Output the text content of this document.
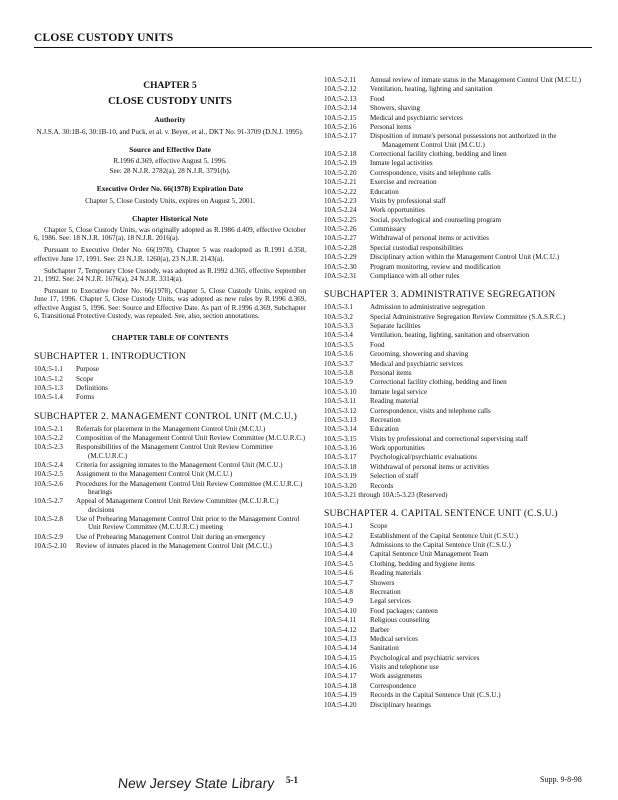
CLOSE CUSTODY UNITS
CHAPTER 5
CLOSE CUSTODY UNITS
Authority
N.J.S.A. 30:1B-6, 30:1B-10, and Puck, et al. v. Beyer, et al., DKT No. 91-3709 (D.N.J. 1995).
Source and Effective Date
R.1996 d.369, effective August 5, 1996.
See: 28 N.J.R. 2782(a), 28 N.J.R. 3791(b).
Executive Order No. 66(1978) Expiration Date
Chapter 5, Close Custody Units, expires on August 5, 2001.
Chapter Historical Note
Chapter 5, Close Custody Units, was originally adopted as R.1986 d.409, effective October 6, 1986. See: 18 N.J.R. 1067(a), 18 N.J.R. 2016(a).
Pursuant to Executive Order No. 66(1978), Chapter 5 was readopted as R.1991 d.358, effective June 17, 1991. See: 23 N.J.R. 1260(a), 23 N.J.R. 2143(a).
Subchapter 7, Temporary Close Custody, was adopted as R.1992 d.365, effective September 21, 1992. See: 24 N.J.R. 1676(a), 24 N.J.R. 3314(a).
Pursuant to Executive Order No. 66(1978), Chapter 5, Close Custody Units, expired on June 17, 1996. Chapter 5, Close Custody Units, was adopted as new rules by R.1996 d.369, effective August 5, 1996. See: Source and Effective Date. As part of R.1996 d.369, Subchapter 6, Transitional Protective Custody, was repealed. See, also, section annotations.
CHAPTER TABLE OF CONTENTS
SUBCHAPTER 1. INTRODUCTION
10A:5-1.1	Purpose
10A:5-1.2	Scope
10A:5-1.3	Definitions
10A:5-1.4	Forms
SUBCHAPTER 2. MANAGEMENT CONTROL UNIT (M.C.U.)
10A:5-2.1	Referrals for placement in the Management Control Unit (M.C.U.)
10A:5-2.2	Composition of the Management Control Unit Review Committee (M.C.U.R.C.)
10A:5-2.3	Responsibilities of the Management Control Unit Review Committee (M.C.U.R.C.)
10A:5-2.4	Criteria for assigning inmates to the Management Control Unit (M.C.U.)
10A:5-2.5	Assignment to the Management Control Unit (M.C.U.)
10A:5-2.6	Procedures for the Management Control Unit Review Committee (M.C.U.R.C.) hearings
10A:5-2.7	Appeal of Management Control Unit Review Committee (M.C.U.R.C.) decisions
10A:5-2.8	Use of Prehearing Management Control Unit prior to the Management Control Unit Review Committee (M.C.U.R.C.) meeting
10A:5-2.9	Use of Prehearing Management Control Unit during an emergency
10A:5-2.10	Review of inmates placed in the Management Control Unit (M.C.U.)
10A:5-2.11	Annual review of inmate status in the Management Control Unit (M.C.U.)
10A:5-2.12	Ventilation, heating, lighting and sanitation
10A:5-2.13	Food
10A:5-2.14	Showers, shaving
10A:5-2.15	Medical and psychiatric services
10A:5-2.16	Personal items
10A:5-2.17	Disposition of inmate's personal possessions not authorized in the Management Control Unit (M.C.U.)
10A:5-2.18	Correctional facility clothing, bedding and linen
10A:5-2.19	Inmate legal activities
10A:5-2.20	Correspondence, visits and telephone calls
10A:5-2.21	Exercise and recreation
10A:5-2.22	Education
10A:5-2.23	Visits by professional staff
10A:5-2.24	Work opportunities
10A:5-2.25	Social, psychological and counseling program
10A:5-2.26	Commissary
10A:5-2.27	Withdrawal of personal items or activities
10A:5-2.28	Special custodial responsibilities
10A:5-2.29	Disciplinary action within the Management Control Unit (M.C.U.)
10A:5-2.30	Program monitoring, review and modification
10A:5-2.31	Compliance with all other rules
SUBCHAPTER 3. ADMINISTRATIVE SEGREGATION
10A:5-3.1	Admission to administrative segregation
10A:5-3.2	Special Administrative Segregation Review Committee (S.A.S.R.C.)
10A:5-3.3	Separate facilities
10A:5-3.4	Ventilation, heating, lighting, sanitation and observation
10A:5-3.5	Food
10A:5-3.6	Grooming, showering and shaving
10A:5-3.7	Medical and psychiatric services
10A:5-3.8	Personal items
10A:5-3.9	Correctional facility clothing, bedding and linen
10A:5-3.10	Inmate legal service
10A:5-3.11	Reading material
10A:5-3.12	Correspondence, visits and telephone calls
10A:5-3.13	Recreation
10A:5-3.14	Education
10A:5-3.15	Visits by professional and correctional supervising staff
10A:5-3.16	Work opportunities
10A:5-3.17	Psychological/psychiatric evaluations
10A:5-3.18	Withdrawal of personal items or activities
10A:5-3.19	Selection of staff
10A:5-3.20	Records
10A:5-3.21 through 10A:5-3.23 (Reserved)
SUBCHAPTER 4. CAPITAL SENTENCE UNIT (C.S.U.)
10A:5-4.1	Scope
10A:5-4.2	Establishment of the Capital Sentence Unit (C.S.U.)
10A:5-4.3	Admissions to the Capital Sentence Unit (C.S.U.)
10A:5-4.4	Capital Sentence Unit Management Team
10A:5-4.5	Clothing, bedding and hygiene items
10A:5-4.6	Reading materials
10A:5-4.7	Showers
10A:5-4.8	Recreation
10A:5-4.9	Legal services
10A:5-4.10	Food packages; canteen
10A:5-4.11	Religious counseling
10A:5-4.12	Barber
10A:5-4.13	Medical services
10A:5-4.14	Sanitation
10A:5-4.15	Psychological and psychiatric services
10A:5-4.16	Visits and telephone use
10A:5-4.17	Work assignments
10A:5-4.18	Correspondence
10A:5-4.19	Records in the Capital Sentence Unit (C.S.U.)
10A:5-4.20	Disciplinary hearings
New Jersey State Library 5-1	Supp. 9-8-98
